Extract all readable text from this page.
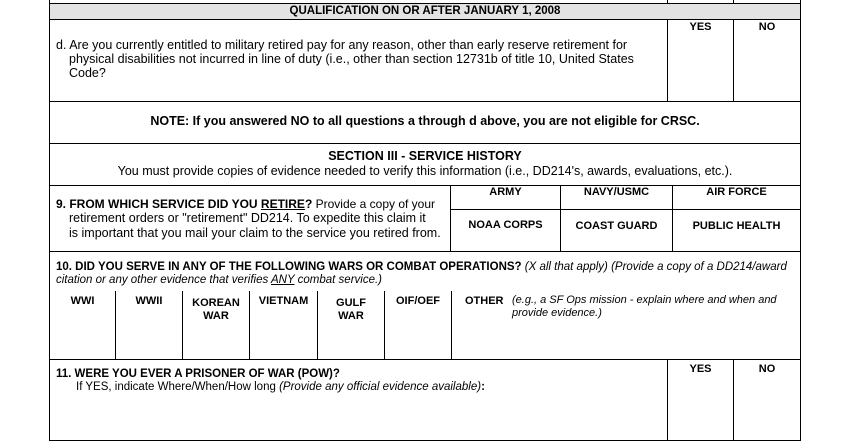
QUALIFICATION ON OR AFTER JANUARY 1, 2008
d. Are you currently entitled to military retired pay for any reason, other than early reserve retirement for
physical disabilities not incurred in line of duty (i.e., other than section 12731b of title 10, United States
Code?
YES	NO
NOTE: If you answered NO to all questions a through d above, you are not eligible for CRSC.
SECTION III - SERVICE HISTORY
You must provide copies of evidence needed to verify this information (i.e., DD214's, awards, evaluations, etc.).
9. FROM WHICH SERVICE DID YOU RETIRE? Provide a copy of your
retirement orders or "retirement" DD214. To expedite this claim it
is important that you mail your claim to the service you retired from.
ARMY	NAVY/USMC	AIR FORCE
NOAA CORPS	COAST GUARD	PUBLIC HEALTH
10. DID YOU SERVE IN ANY OF THE FOLLOWING WARS OR COMBAT OPERATIONS? (X all that apply) (Provide a copy of a DD214/award
citation or any other evidence that verifies ANY combat service.)
WWI	WWII	KOREAN
WAR
VIETNAM	GULF
WAR
OIF/OEF	OTHER (e.g., a SF Ops mission - explain where and when and
provide evidence.)
11. WERE YOU EVER A PRISONER OF WAR (POW)?
If YES, indicate Where/When/How long (Provide any official evidence available):
YES	NO
